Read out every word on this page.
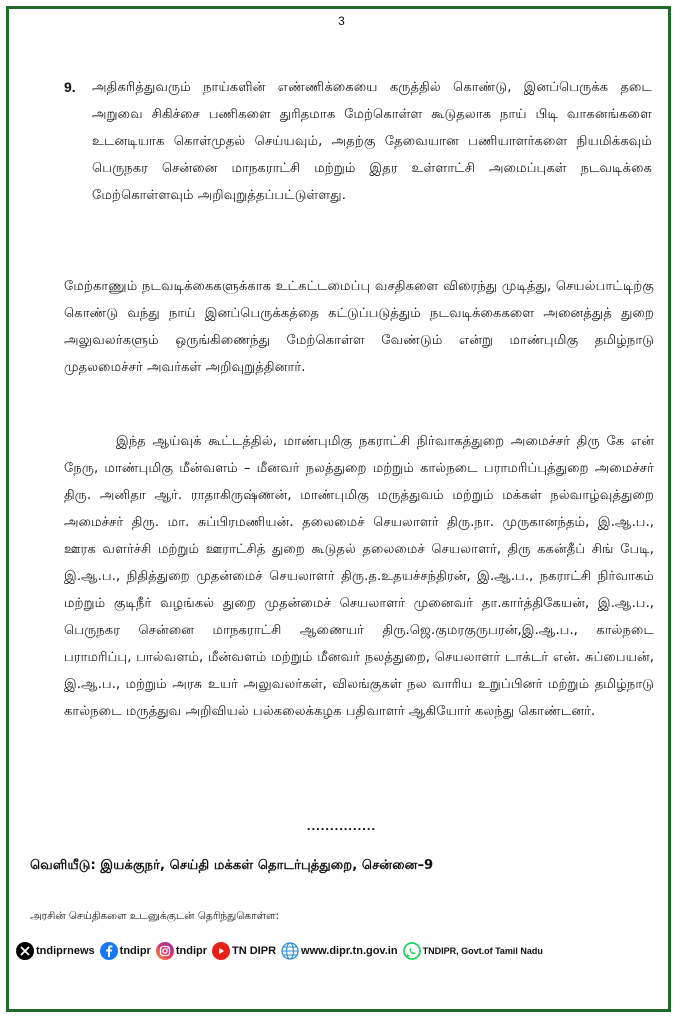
3
9.	அதிகரித்துவரும் நாய்களின் எண்ணிக்கையை கருத்தில் கொண்டு, இனப்பெருக்க தடை அறுவை சிகிச்சை பணிகளை துரிதமாக மேற்கொள்ள கூடுதலாக நாய் பிடி வாகனங்களை உடனடியாக கொள்முதல் செய்யவும், அதற்கு தேவையான பணியாளர்களை நியமிக்கவும் பெருநகர சென்னை மாநகராட்சி மற்றும் இதர உள்ளாட்சி அமைப்புகள் நடவடிக்கை மேற்கொள்ளவும் அறிவுறுத்தப்பட்டுள்ளது.
மேற்காணும் நடவடிக்கைகளுக்காக உட்கட்டமைப்பு வசதிகளை விரைந்து முடித்து, செயல்பாட்டிற்கு கொண்டு வந்து நாய் இனப்பெருக்கத்தை கட்டுப்படுத்தும் நடவடிக்கைகளை அனைத்துத் துறை அலுவலர்களும் ஒருங்கிணைந்து மேற்கொள்ள வேண்டும் என்று மாண்புமிகு தமிழ்நாடு முதலமைச்சர் அவர்கள் அறிவுறுத்தினார்.
இந்த ஆய்வுக் கூட்டத்தில், மாண்புமிகு நகராட்சி நிர்வாகத்துறை அமைச்சர் திரு கே என் நேரு, மாண்புமிகு மீன்வளம் – மீனவர் நலத்துறை மற்றும் கால்நடை பராமரிப்புத்துறை அமைச்சர் திரு. அனிதா ஆர். ராதாகிருஷ்ணன், மாண்புமிகு மருத்துவம் மற்றும் மக்கள் நல்வாழ்வுத்துறை அமைச்சர் திரு. மா. சுப்பிரமணியன். தலைமைச் செயலாளர் திரு.நா. முருகானந்தம், இ.ஆ.ப., ஊரக வளர்ச்சி மற்றும் ஊராட்சித் துறை கூடுதல் தலைமைச் செயலாளர், திரு ககன்தீப் சிங் பேடி, இ.ஆ.ப., நிதித்துறை முதன்மைச் செயலாளர் திரு.த.உதயச்சந்திரன், இ.ஆ.ப., நகராட்சி நிர்வாகம் மற்றும் குடிநீர் வழங்கல் துறை முதன்மைச் செயலாளர் முனைவர் தா.கார்த்திகேயன், இ.ஆ.ப., பெருநகர சென்னை மாநகராட்சி ஆணையர் திரு.ஜெ.குமரகுருபரன்,இ.ஆ.ப., கால்நடை பராமரிப்பு, பால்வளம், மீன்வளம் மற்றும் மீனவர் நலத்துறை, செயலாளர் டாக்டர் என். சுப்பையன், இ.ஆ.ப., மற்றும் அரசு உயர் அலுவலர்கள், விலங்குகள் நல வாரிய உறுப்பினர் மற்றும் தமிழ்நாடு கால்நடை மருத்துவ அறிவியல் பல்கலைக்கழக பதிவாளர் ஆகியோர் கலந்து கொண்டனர்.
...............
வெளியீடு: இயக்குநர், செய்தி மக்கள் தொடர்புத்துறை, சென்னை–9
அரசின் செய்திகளை உடனுக்குடன் தெரிந்துகொள்ள:
tndiprnews tndipr tndipr TN DIPR www.dipr.tn.gov.in	TNDIPR, Govt.of Tamil Nadu
